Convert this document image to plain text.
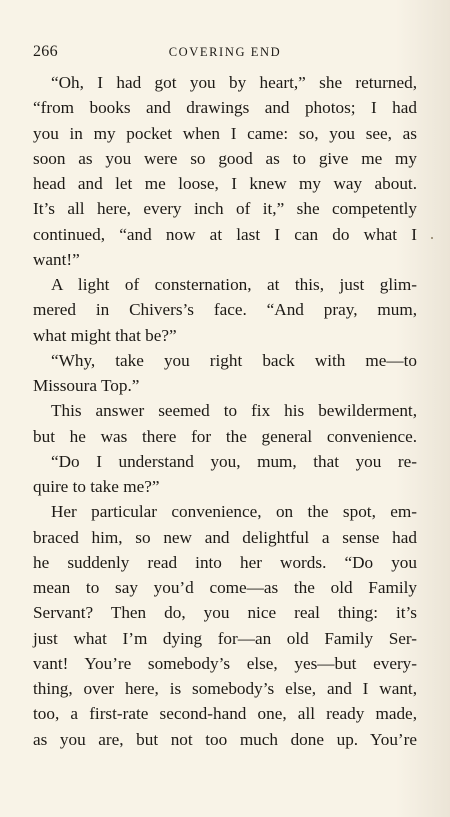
266	COVERING END
“Oh, I had got you by heart,” she returned,
“from books and drawings and photos; I had
you in my pocket when I came: so, you see, as
soon as you were so good as to give me my
head and let me loose, I knew my way about.
It’s all here, every inch of it,” she competently
continued, “and now at last I can do what I
want!”
A light of consternation, at this, just glim-
mered in Chivers’s face. “And pray, mum,
what might that be?”
“Why, take you right back with me—to
Missoura Top.”
This answer seemed to fix his bewilderment,
but he was there for the general convenience.
“Do I understand you, mum, that you re-
quire to take me?”
Her particular convenience, on the spot, em-
braced him, so new and delightful a sense had
he suddenly read into her words. “Do you
mean to say you’d come—as the old Family
Servant? Then do, you nice real thing: it’s
just what I’m dying for—an old Family Ser-
vant! You’re somebody’s else, yes—but every-
thing, over here, is somebody’s else, and I want,
too, a first-rate second-hand one, all ready made,
as you are, but not too much done up. You’re
